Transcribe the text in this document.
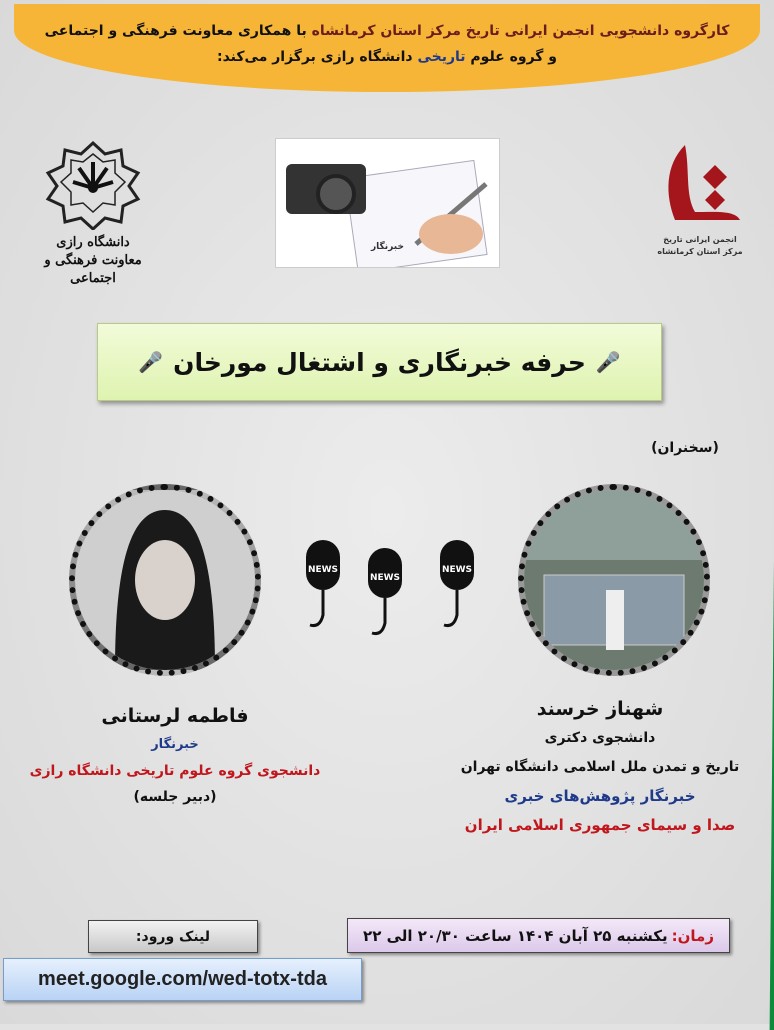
کارگروه دانشجویی انجمن ایرانی تاریخ مرکز استان کرمانشاه با همکاری معاونت فرهنگی و اجتماعی
و گروه علوم تاریخی دانشگاه رازی برگزار می‌کند:
دانشگاه رازی
معاونت فرهنگی و اجتماعی
انجمن ایرانی تاریخ
مرکز استان کرمانشاه
خبرنگار
🎤
حرفه خبرنگاری و اشتغال مورخان
🎤
(سخنران)
NEWS
NEWS
NEWS
شهناز خرسند
دانشجوی دکتری
تاریخ و تمدن ملل اسلامی دانشگاه تهران
خبرنگار پژوهش‌های خبری
صدا و سیمای جمهوری اسلامی ایران
فاطمه لرستانی
خبرنگار
دانشجوی گروه علوم تاریخی دانشگاه رازی
(دبیر جلسه)
زمان:
یکشنبه ۲۵ آبان ۱۴۰۴ ساعت ۲۰/۳۰ الی ۲۲
لینک ورود:
meet.google.com/wed-totx-tda
